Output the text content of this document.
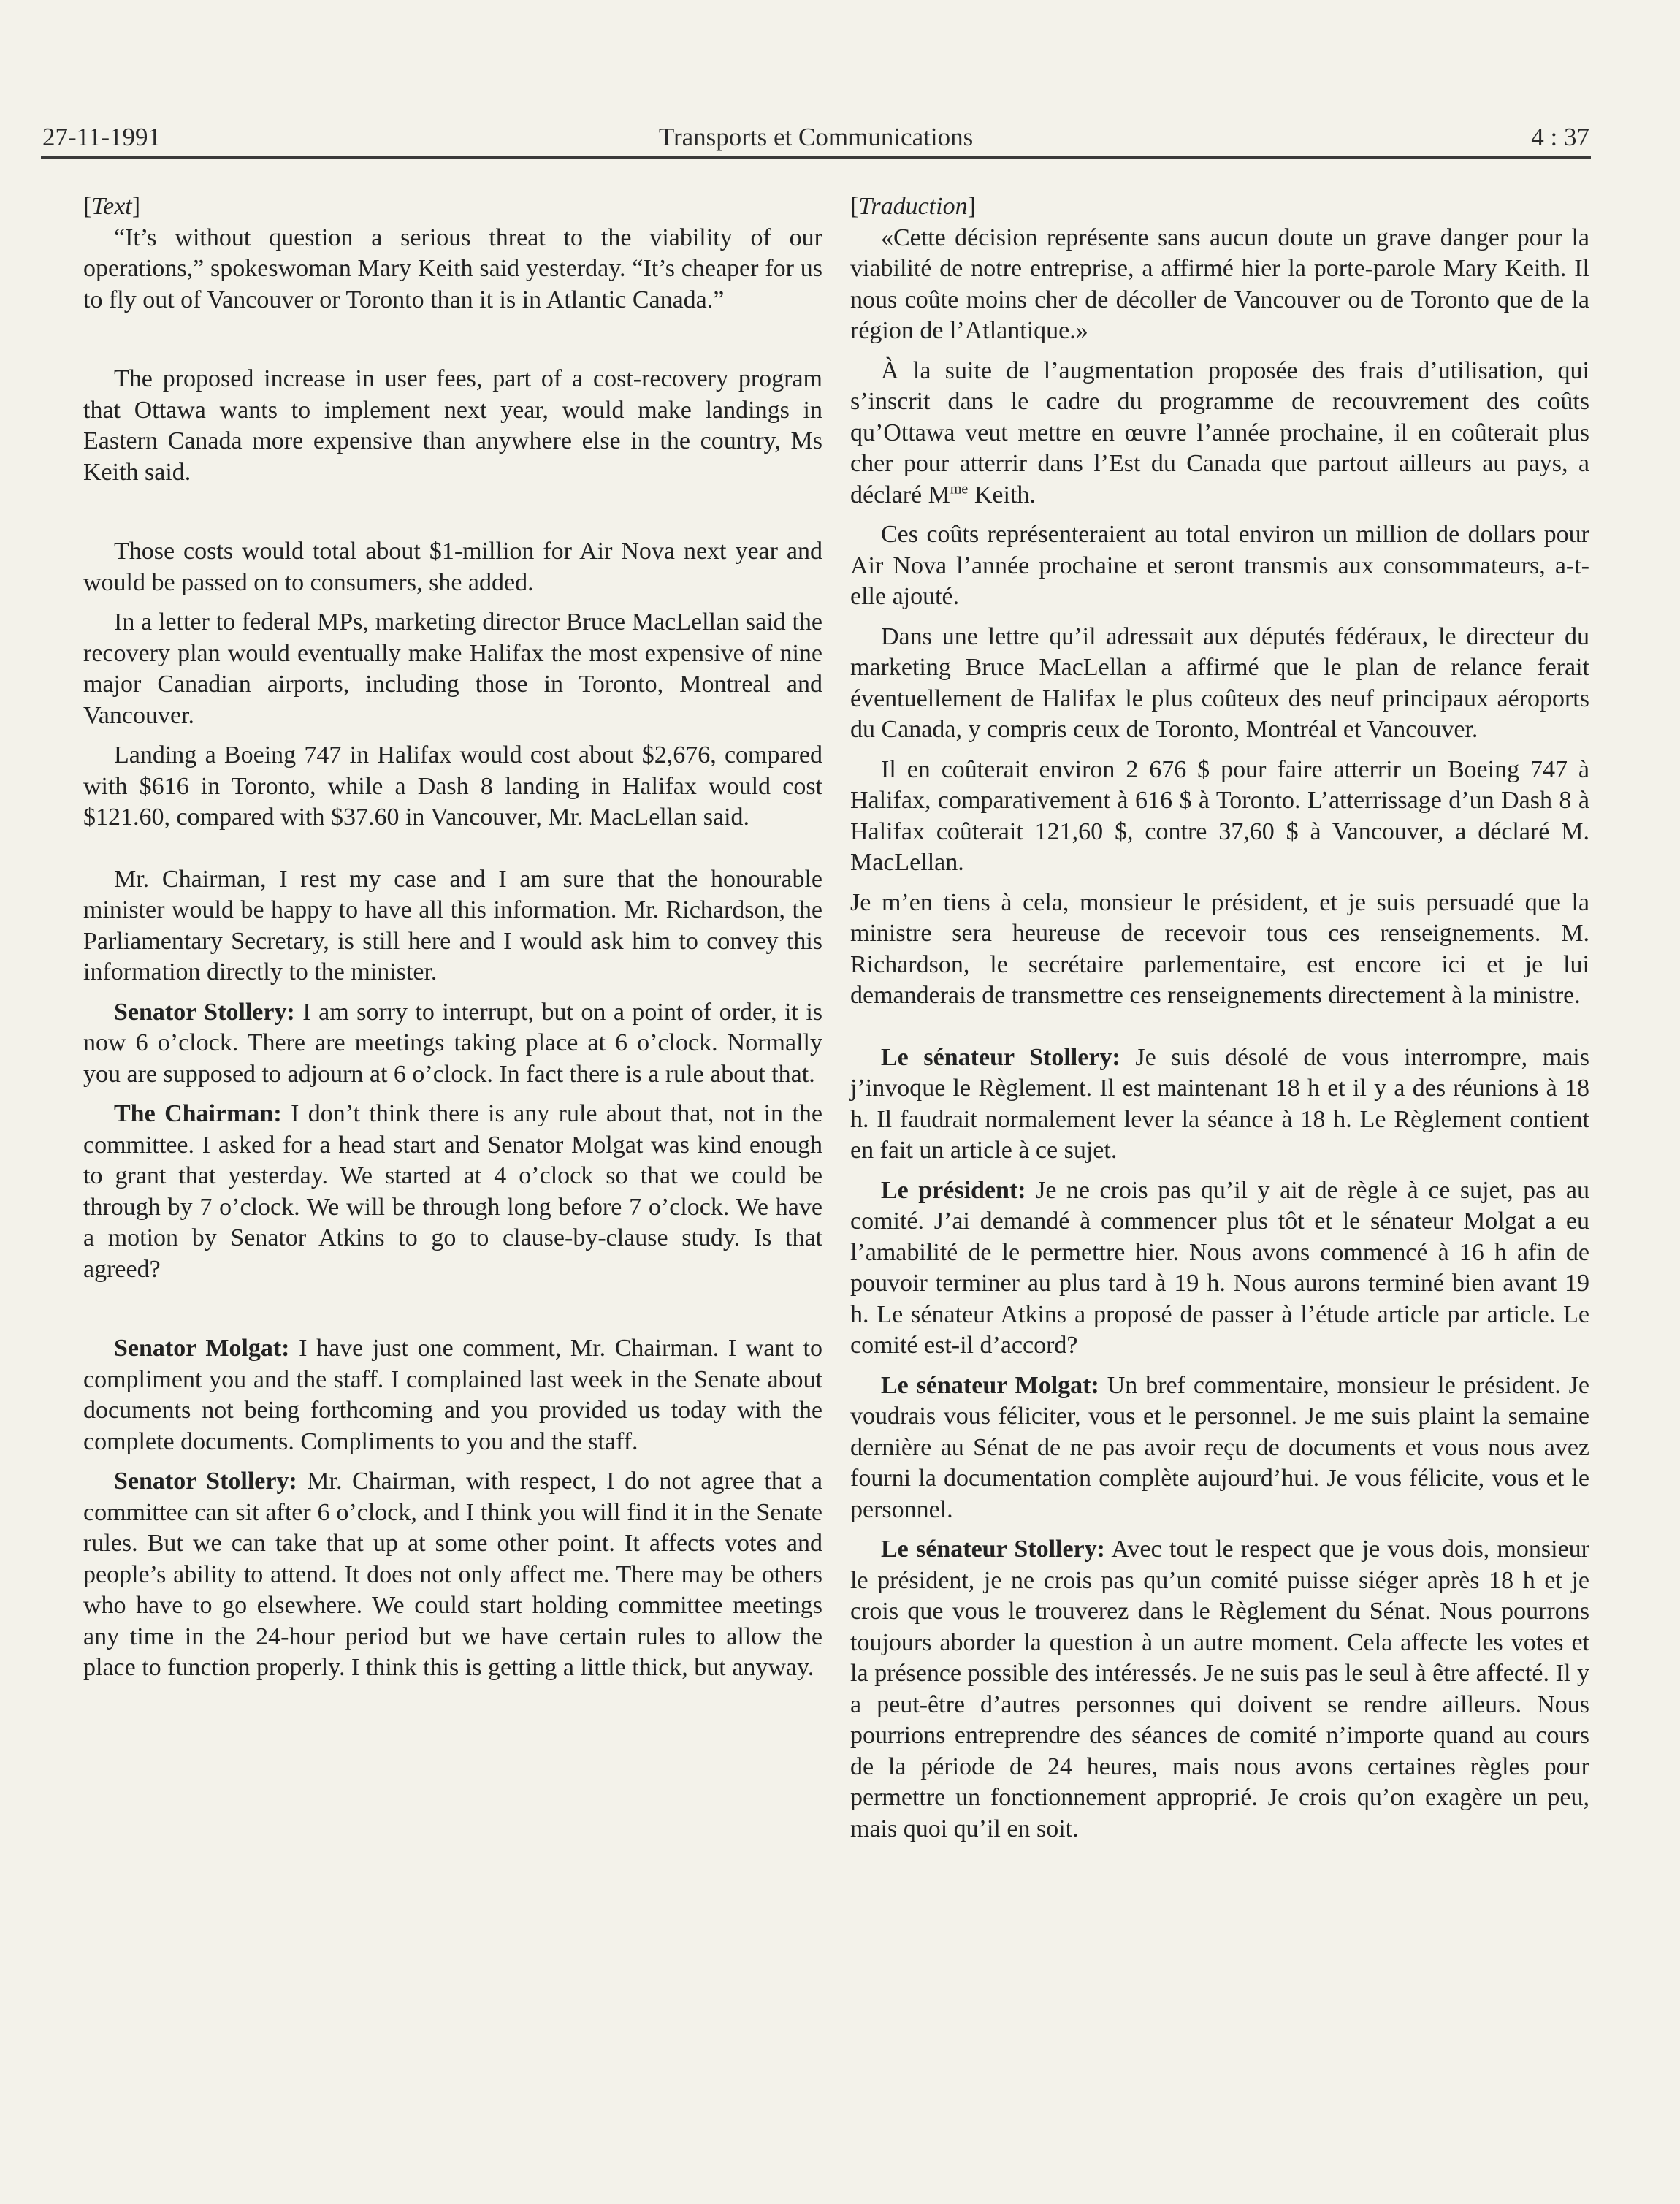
27-11-1991	Transports et Communications	4 : 37
[Text]

“It’s without question a serious threat to the viability of our operations,” spokeswoman Mary Keith said yesterday. “It’s cheaper for us to fly out of Vancouver or Toronto than it is in Atlantic Canada.”

The proposed increase in user fees, part of a cost-recovery program that Ottawa wants to implement next year, would make landings in Eastern Canada more expensive than anywhere else in the country, Ms Keith said.

Those costs would total about $1-million for Air Nova next year and would be passed on to consumers, she added.

In a letter to federal MPs, marketing director Bruce MacLellan said the recovery plan would eventually make Halifax the most expensive of nine major Canadian airports, including those in Toronto, Montreal and Vancouver.

Landing a Boeing 747 in Halifax would cost about $2,676, compared with $616 in Toronto, while a Dash 8 landing in Halifax would cost $121.60, compared with $37.60 in Vancouver, Mr. MacLellan said.

Mr. Chairman, I rest my case and I am sure that the honourable minister would be happy to have all this information. Mr. Richardson, the Parliamentary Secretary, is still here and I would ask him to convey this information directly to the minister.

Senator Stollery: I am sorry to interrupt, but on a point of order, it is now 6 o’clock. There are meetings taking place at 6 o’clock. Normally you are supposed to adjourn at 6 o’clock. In fact there is a rule about that.

The Chairman: I don’t think there is any rule about that, not in the committee. I asked for a head start and Senator Molgat was kind enough to grant that yesterday. We started at 4 o’clock so that we could be through by 7 o’clock. We will be through long before 7 o’clock. We have a motion by Senator Atkins to go to clause-by-clause study. Is that agreed?

Senator Molgat: I have just one comment, Mr. Chairman. I want to compliment you and the staff. I complained last week in the Senate about documents not being forthcoming and you provided us today with the complete documents. Compliments to you and the staff.

Senator Stollery: Mr. Chairman, with respect, I do not agree that a committee can sit after 6 o’clock, and I think you will find it in the Senate rules. But we can take that up at some other point. It affects votes and people’s ability to attend. It does not only affect me. There may be others who have to go elsewhere. We could start holding committee meetings any time in the 24-hour period but we have certain rules to allow the place to function properly. I think this is getting a little thick, but anyway.

[Traduction]

«Cette décision représente sans aucun doute un grave danger pour la viabilité de notre entreprise, a affirmé hier la porte-parole Mary Keith. Il nous coûte moins cher de décoller de Vancouver ou de Toronto que de la région de l’Atlantique.»

À la suite de l’augmentation proposée des frais d’utilisation, qui s’inscrit dans le cadre du programme de recouvrement des coûts qu’Ottawa veut mettre en œuvre l’année prochaine, il en coûterait plus cher pour atterrir dans l’Est du Canada que partout ailleurs au pays, a déclaré $M^{me}$ Keith.

Ces coûts représenteraient au total environ un million de dollars pour Air Nova l’année prochaine et seront transmis aux consommateurs, a-t-elle ajouté.

Dans une lettre qu’il adressait aux députés fédéraux, le directeur du marketing Bruce MacLellan a affirmé que le plan de relance ferait éventuellement de Halifax le plus coûteux des neuf principaux aéroports du Canada, y compris ceux de Toronto, Montréal et Vancouver.

Il en coûterait environ 2 676 $ pour faire atterrir un Boeing 747 à Halifax, comparativement à 616 $ à Toronto. L’atterrissage d’un Dash 8 à Halifax coûterait 121,60 $, contre 37,60 $ à Vancouver, a déclaré M. MacLellan.

Je m’en tiens à cela, monsieur le président, et je suis persuadé que la ministre sera heureuse de recevoir tous ces renseignements. M. Richardson, le secrétaire parlementaire, est encore ici et je lui demanderais de transmettre ces renseignements directement à la ministre.

Le sénateur Stollery: Je suis désolé de vous interrompre, mais j’invoque le Règlement. Il est maintenant 18 h et il y a des réunions à 18 h. Il faudrait normalement lever la séance à 18 h. Le Règlement contient en fait un article à ce sujet.

Le président: Je ne crois pas qu’il y ait de règle à ce sujet, pas au comité. J’ai demandé à commencer plus tôt et le sénateur Molgat a eu l’amabilité de le permettre hier. Nous avons commencé à 16 h afin de pouvoir terminer au plus tard à 19 h. Nous aurons terminé bien avant 19 h. Le sénateur Atkins a proposé de passer à l’étude article par article. Le comité est-il d’accord?

Le sénateur Molgat: Un bref commentaire, monsieur le président. Je voudrais vous féliciter, vous et le personnel. Je me suis plaint la semaine dernière au Sénat de ne pas avoir reçu de documents et vous nous avez fourni la documentation complète aujourd’hui. Je vous félicite, vous et le personnel.

Le sénateur Stollery: Avec tout le respect que je vous dois, monsieur le président, je ne crois pas qu’un comité puisse siéger après 18 h et je crois que vous le trouverez dans le Règlement du Sénat. Nous pourrons toujours aborder la question à un autre moment. Cela affecte les votes et la présence possible des intéressés. Je ne suis pas le seul à être affecté. Il y a peut-être d’autres personnes qui doivent se rendre ailleurs. Nous pourrions entreprendre des séances de comité n’importe quand au cours de la période de 24 heures, mais nous avons certaines règles pour permettre un fonctionnement approprié. Je crois qu’on exagère un peu, mais quoi qu’il en soit.
